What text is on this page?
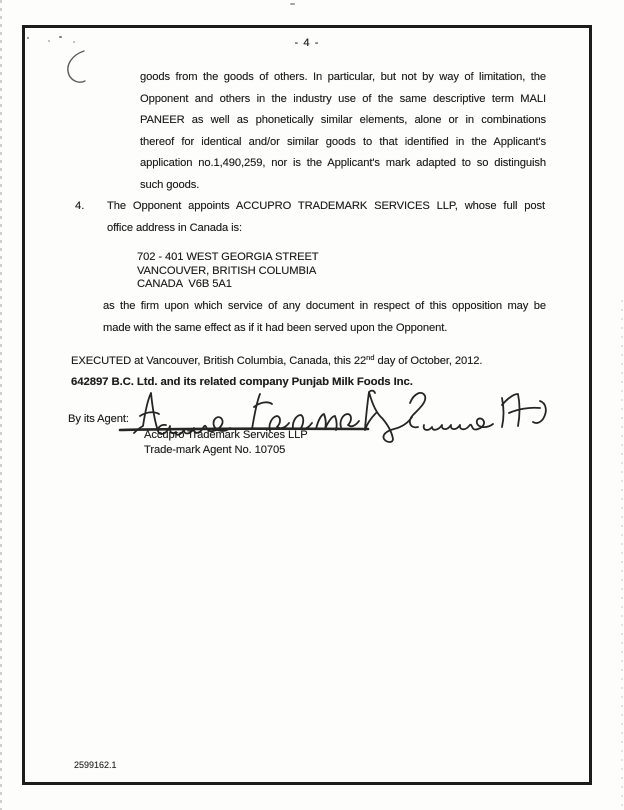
- 4 -
goods from the goods of others. In particular, but not by way of limitation, the
Opponent and others in the industry use of the same descriptive term MALI
PANEER as well as phonetically similar elements, alone or in combinations
thereof for identical and/or similar goods to that identified in the Applicant's
application no.1,490,259, nor is the Applicant's mark adapted to so distinguish
such goods.
4. The Opponent appoints ACCUPRO TRADEMARK SERVICES LLP, whose full post
office address in Canada is:
702 - 401 WEST GEORGIA STREET
VANCOUVER, BRITISH COLUMBIA
CANADA  V6B 5A1
as the firm upon which service of any document in respect of this opposition may be
made with the same effect as if it had been served upon the Opponent.
EXECUTED at Vancouver, British Columbia, Canada, this 22nd day of October, 2012.
642897 B.C. Ltd. and its related company Punjab Milk Foods Inc.
By its Agent:
Accupro Trademark Services LLP
Trade-mark Agent No. 10705
2599162.1
